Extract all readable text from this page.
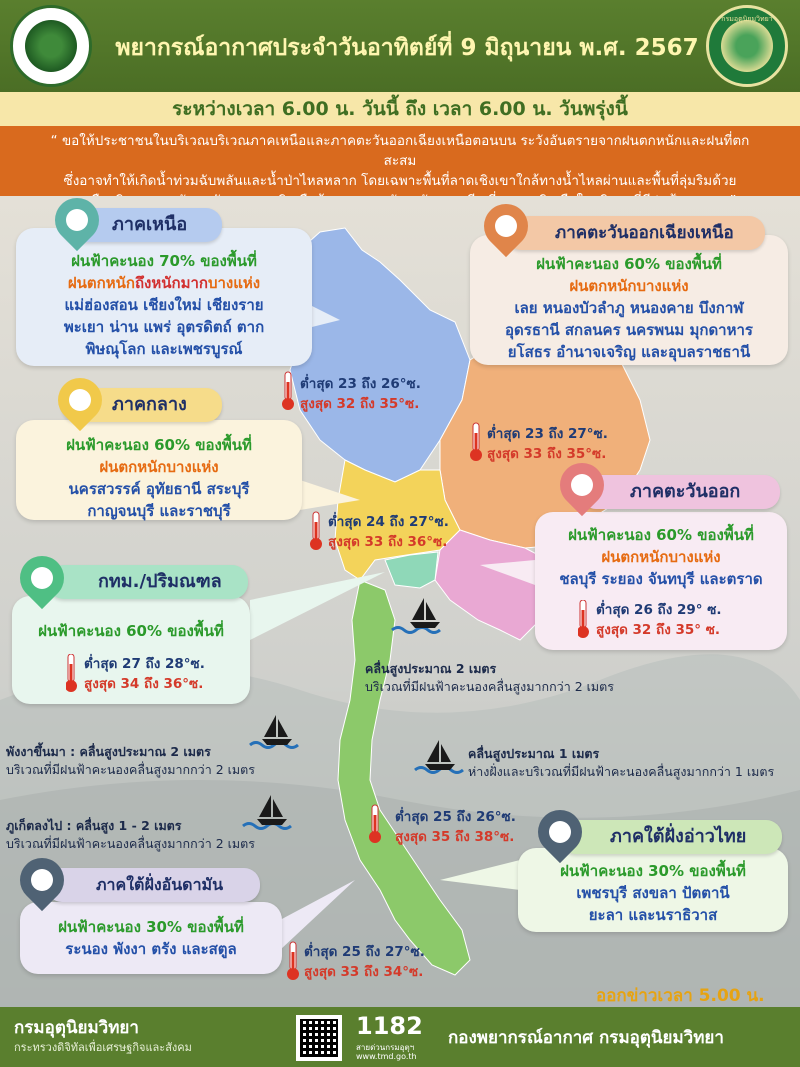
พยากรณ์อากาศประจำวันอาทิตย์ที่ 9 มิถุนายน พ.ศ. 2567
กรมอุตุนิยมวิทยา
ระหว่างเวลา 6.00 น. วันนี้ ถึง เวลา 6.00 น. วันพรุ่งนี้
“ ขอให้ประชาชนในบริเวณบริเวณภาคเหนือและภาคตะวันออกเฉียงเหนือตอนบน ระวังอันตรายจากฝนตกหนักและฝนที่ตกสะสม
ซึ่งอาจทำให้เกิดน้ำท่วมฉับพลันและน้ำป่าไหลหลาก โดยเฉพาะพื้นที่ลาดเชิงเขาใกล้ทางน้ำไหลผ่านและพื้นที่ลุ่มริมด้วย
ฝนฟ้าคะนอง 70% ของพื้นที่
ฝนตกหนักถึงหนักมากบางแห่ง
แม่ฮ่องสอน เชียงใหม่ เชียงราย
พะเยา น่าน แพร่ อุตรดิตถ์ ตาก
พิษณุโลก และเพชรบูรณ์
ภาคเหนือ
ต่ำสุด 23 ถึง 26°ซ.
สูงสุด 32 ถึง 35°ซ.
ฝนฟ้าคะนอง 60% ของพื้นที่
ฝนตกหนักบางแห่ง
เลย หนองบัวลำภู หนองคาย บึงกาฬ
อุดรธานี สกลนคร นครพนม มุกดาหาร
ยโสธร อำนาจเจริญ และอุบลราชธานี
ภาคตะวันออกเฉียงเหนือ
ต่ำสุด 23 ถึง 27°ซ.
สูงสุด 33 ถึง 35°ซ.
ฝนฟ้าคะนอง 60% ของพื้นที่
ฝนตกหนักบางแห่ง
นครสวรรค์ อุทัยธานี สระบุรี
กาญจนบุรี และราชบุรี
ภาคกลาง
ต่ำสุด 24 ถึง 27°ซ.
สูงสุด 33 ถึง 36°ซ.	ฝนฟ้าคะนอง 60% ของพื้นที่
ฝนตกหนักบางแห่ง
ชลบุรี ระยอง จันทบุรี และตราด
ภาคตะวันออก
ต่ำสุด 26 ถึง 29° ซ.
สูงสุด 32 ถึง 35° ซ.
ฝนฟ้าคะนอง 60% ของพื้นที่
กทม./ปริมณฑล
ต่ำสุด 27 ถึง 28°ซ.
สูงสุด 34 ถึง 36°ซ.
คลื่นสูงประมาณ 2 เมตร
บริเวณที่มีฝนฟ้าคะนองคลื่นสูงมากกว่า 2 เมตร
พังงาขึ้นมา : คลื่นสูงประมาณ 2 เมตร
บริเวณที่มีฝนฟ้าคะนองคลื่นสูงมากกว่า 2 เมตร
คลื่นสูงประมาณ 1 เมตร
ห่างฝั่งและบริเวณที่มีฝนฟ้าคะนองคลื่นสูงมากกว่า 1 เมตร
ภูเก็ตลงไป : คลื่นสูง 1 - 2 เมตร
บริเวณที่มีฝนฟ้าคะนองคลื่นสูงมากกว่า 2 เมตร
ต่ำสุด 25 ถึง 26°ซ.
สูงสุด 35 ถึง 38°ซ.
ฝนฟ้าคะนอง 30% ของพื้นที่
เพชรบุรี สงขลา ปัตตานี
ยะลา และนราธิวาส
ภาคใต้ฝั่งอ่าวไทย
ฝนฟ้าคะนอง 30% ของพื้นที่
ระนอง พังงา ตรัง และสตูล
ภาคใต้ฝั่งอันดามัน
ต่ำสุด 25 ถึง 27°ซ.
สูงสุด 33 ถึง 34°ซ.
ออกข่าวเวลา 5.00 น.
กรมอุตุนิยมวิทยา
กระทรวงดิจิทัลเพื่อเศรษฐกิจและสังคม
1182
สายด่วนกรมอุตุฯ
www.tmd.go.th
กองพยากรณ์อากาศ กรมอุตุนิยมวิทยา
